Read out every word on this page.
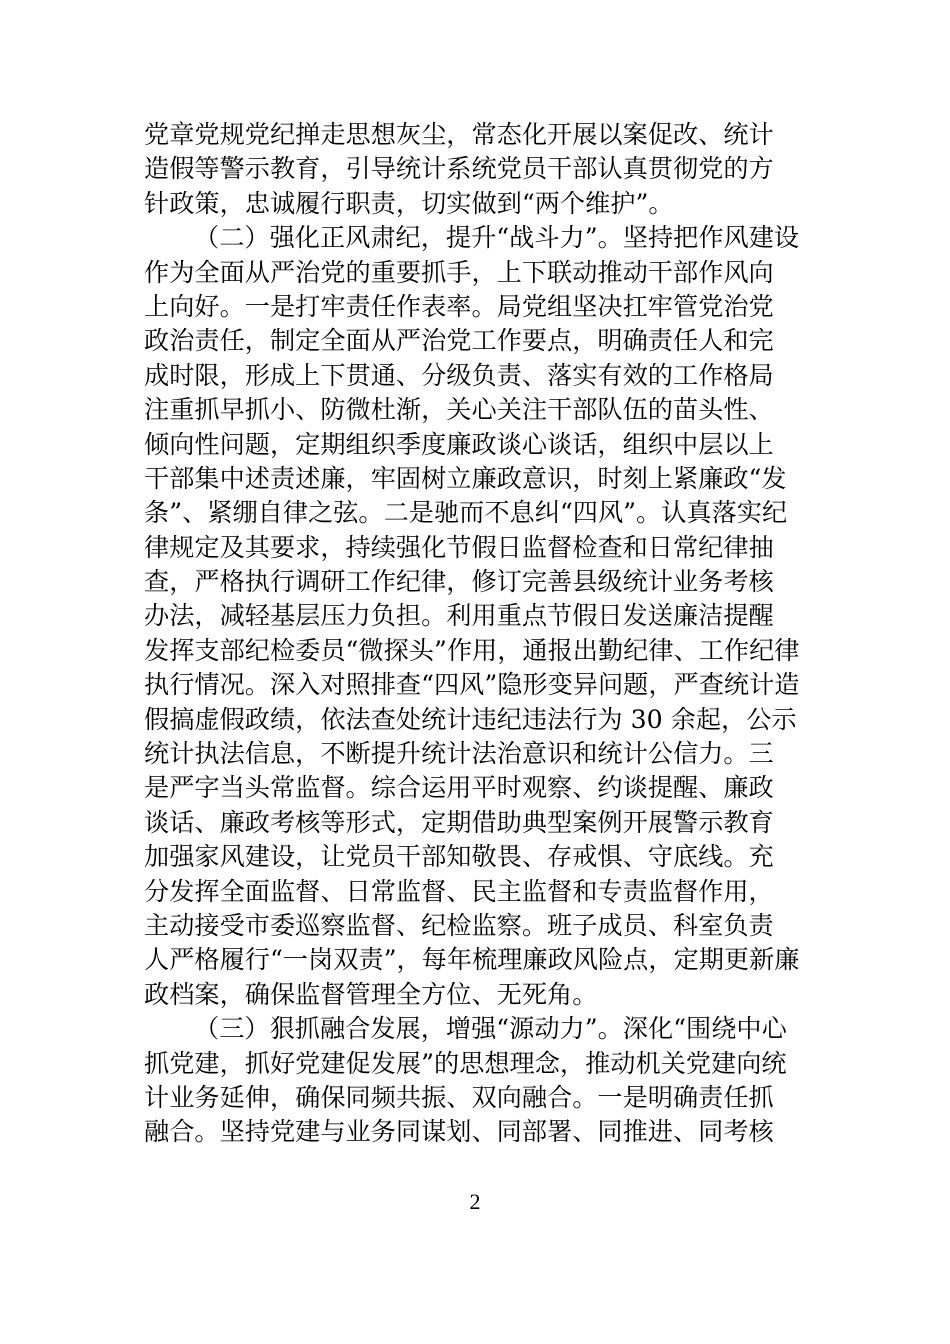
党章党规党纪掸走思想灰尘，常态化开展以案促改、统计
造假等警示教育，引导统计系统党员干部认真贯彻党的方
针政策，忠诚履行职责，切实做到“两个维护”。
（二）强化正风肃纪，提升“战斗力”。坚持把作风建设
作为全面从严治党的重要抓手，上下联动推动干部作风向
上向好。一是打牢责任作表率。局党组坚决扛牢管党治党
政治责任，制定全面从严治党工作要点，明确责任人和完
成时限，形成上下贯通、分级负责、落实有效的工作格局
注重抓早抓小、防微杜渐，关心关注干部队伍的苗头性、
倾向性问题，定期组织季度廉政谈心谈话，组织中层以上
干部集中述责述廉，牢固树立廉政意识，时刻上紧廉政“发
条”、紧绷自律之弦。二是驰而不息纠“四风”。认真落实纪
律规定及其要求，持续强化节假日监督检查和日常纪律抽
查，严格执行调研工作纪律，修订完善县级统计业务考核
办法，减轻基层压力负担。利用重点节假日发送廉洁提醒
发挥支部纪检委员“微探头”作用，通报出勤纪律、工作纪律
执行情况。深入对照排查“四风”隐形变异问题，严查统计造
假搞虚假政绩，依法查处统计违纪违法行为 30 余起，公示
统计执法信息，不断提升统计法治意识和统计公信力。三
是严字当头常监督。综合运用平时观察、约谈提醒、廉政
谈话、廉政考核等形式，定期借助典型案例开展警示教育
加强家风建设，让党员干部知敬畏、存戒惧、守底线。充
分发挥全面监督、日常监督、民主监督和专责监督作用，
主动接受市委巡察监督、纪检监察。班子成员、科室负责
人严格履行“一岗双责”，每年梳理廉政风险点，定期更新廉
政档案，确保监督管理全方位、无死角。
（三）狠抓融合发展，增强“源动力”。深化“围绕中心
抓党建，抓好党建促发展”的思想理念，推动机关党建向统
计业务延伸，确保同频共振、双向融合。一是明确责任抓
融合。坚持党建与业务同谋划、同部署、同推进、同考核
2
